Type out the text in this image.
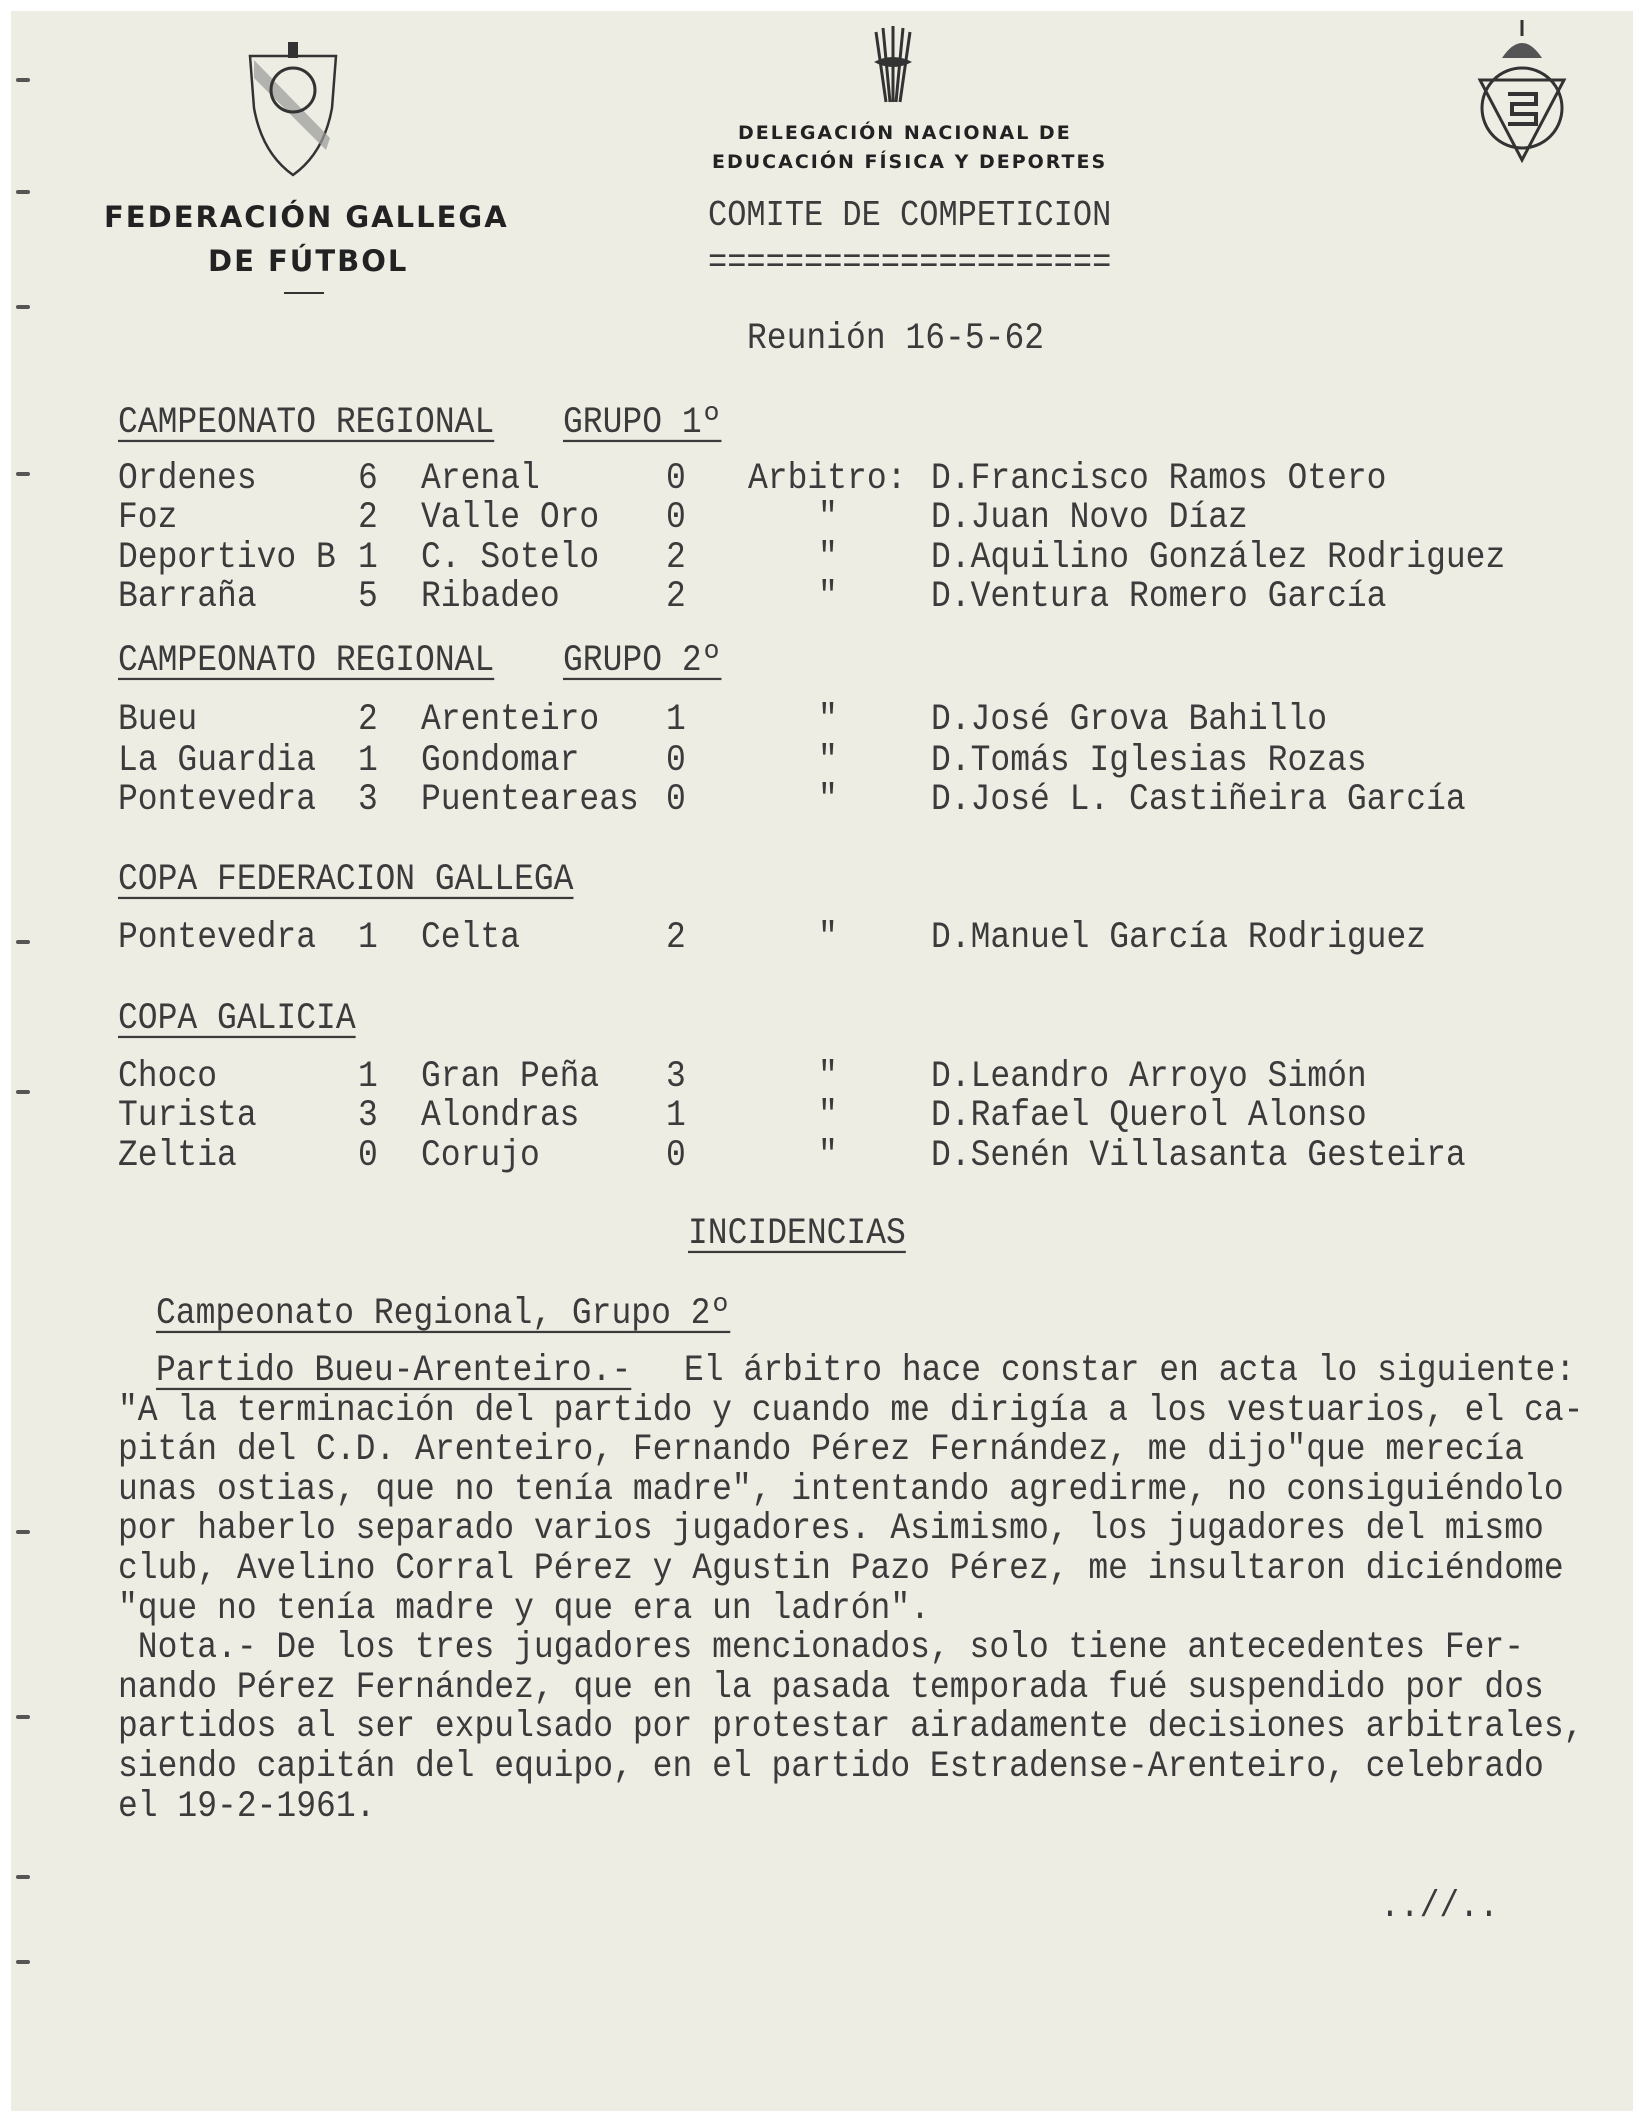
FEDERACIÓN GALLEGA
DE FÚTBOL
DELEGACIÓN NACIONAL DE
EDUCACIÓN FÍSICA Y DEPORTES
COMITE DE COMPETICION
=====================
Reunión 16-5-62
CAMPEONATO REGIONAL GRUPO 1º
Ordenes	6 Arenal	0 Arbitro: D.Francisco Ramos Otero
Foz	2 Valle Oro 0	"	D.Juan Novo Díaz
Deportivo B 1 C. Sotelo 2	"	D.Aquilino González Rodriguez
Barraña	5 Ribadeo	2	"	D.Ventura Romero García
CAMPEONATO REGIONAL GRUPO 2º
Bueu	2 Arenteiro 1	"	D.José Grova Bahillo
La Guardia 1 Gondomar	0	"	D.Tomás Iglesias Rozas
Pontevedra 3 Puenteareas 0	"	D.José L. Castiñeira García
COPA FEDERACION GALLEGA
Pontevedra 1 Celta	2	"	D.Manuel García Rodriguez
COPA GALICIA
Choco	1 Gran Peña 3	"	D.Leandro Arroyo Simón
Turista	3 Alondras	1	"	D.Rafael Querol Alonso
Zeltia	0 Corujo	0	"	D.Senén Villasanta Gesteira
INCIDENCIAS
Campeonato Regional, Grupo 2º
Partido Bueu-Arenteiro.- El árbitro hace constar en acta lo siguiente:
"A la terminación del partido y cuando me dirigía a los vestuarios, el ca-
pitán del C.D. Arenteiro, Fernando Pérez Fernández, me dijo"que merecía
unas ostias, que no tenía madre", intentando agredirme, no consiguiéndolo
por haberlo separado varios jugadores. Asimismo, los jugadores del mismo
club, Avelino Corral Pérez y Agustin Pazo Pérez, me insultaron diciéndome
"que no tenía madre y que era un ladrón".
Nota.- De los tres jugadores mencionados, solo tiene antecedentes Fer-
nando Pérez Fernández, que en la pasada temporada fué suspendido por dos
partidos al ser expulsado por protestar airadamente decisiones arbitrales,
siendo capitán del equipo, en el partido Estradense-Arenteiro, celebrado
el 19-2-1961.
..//..
